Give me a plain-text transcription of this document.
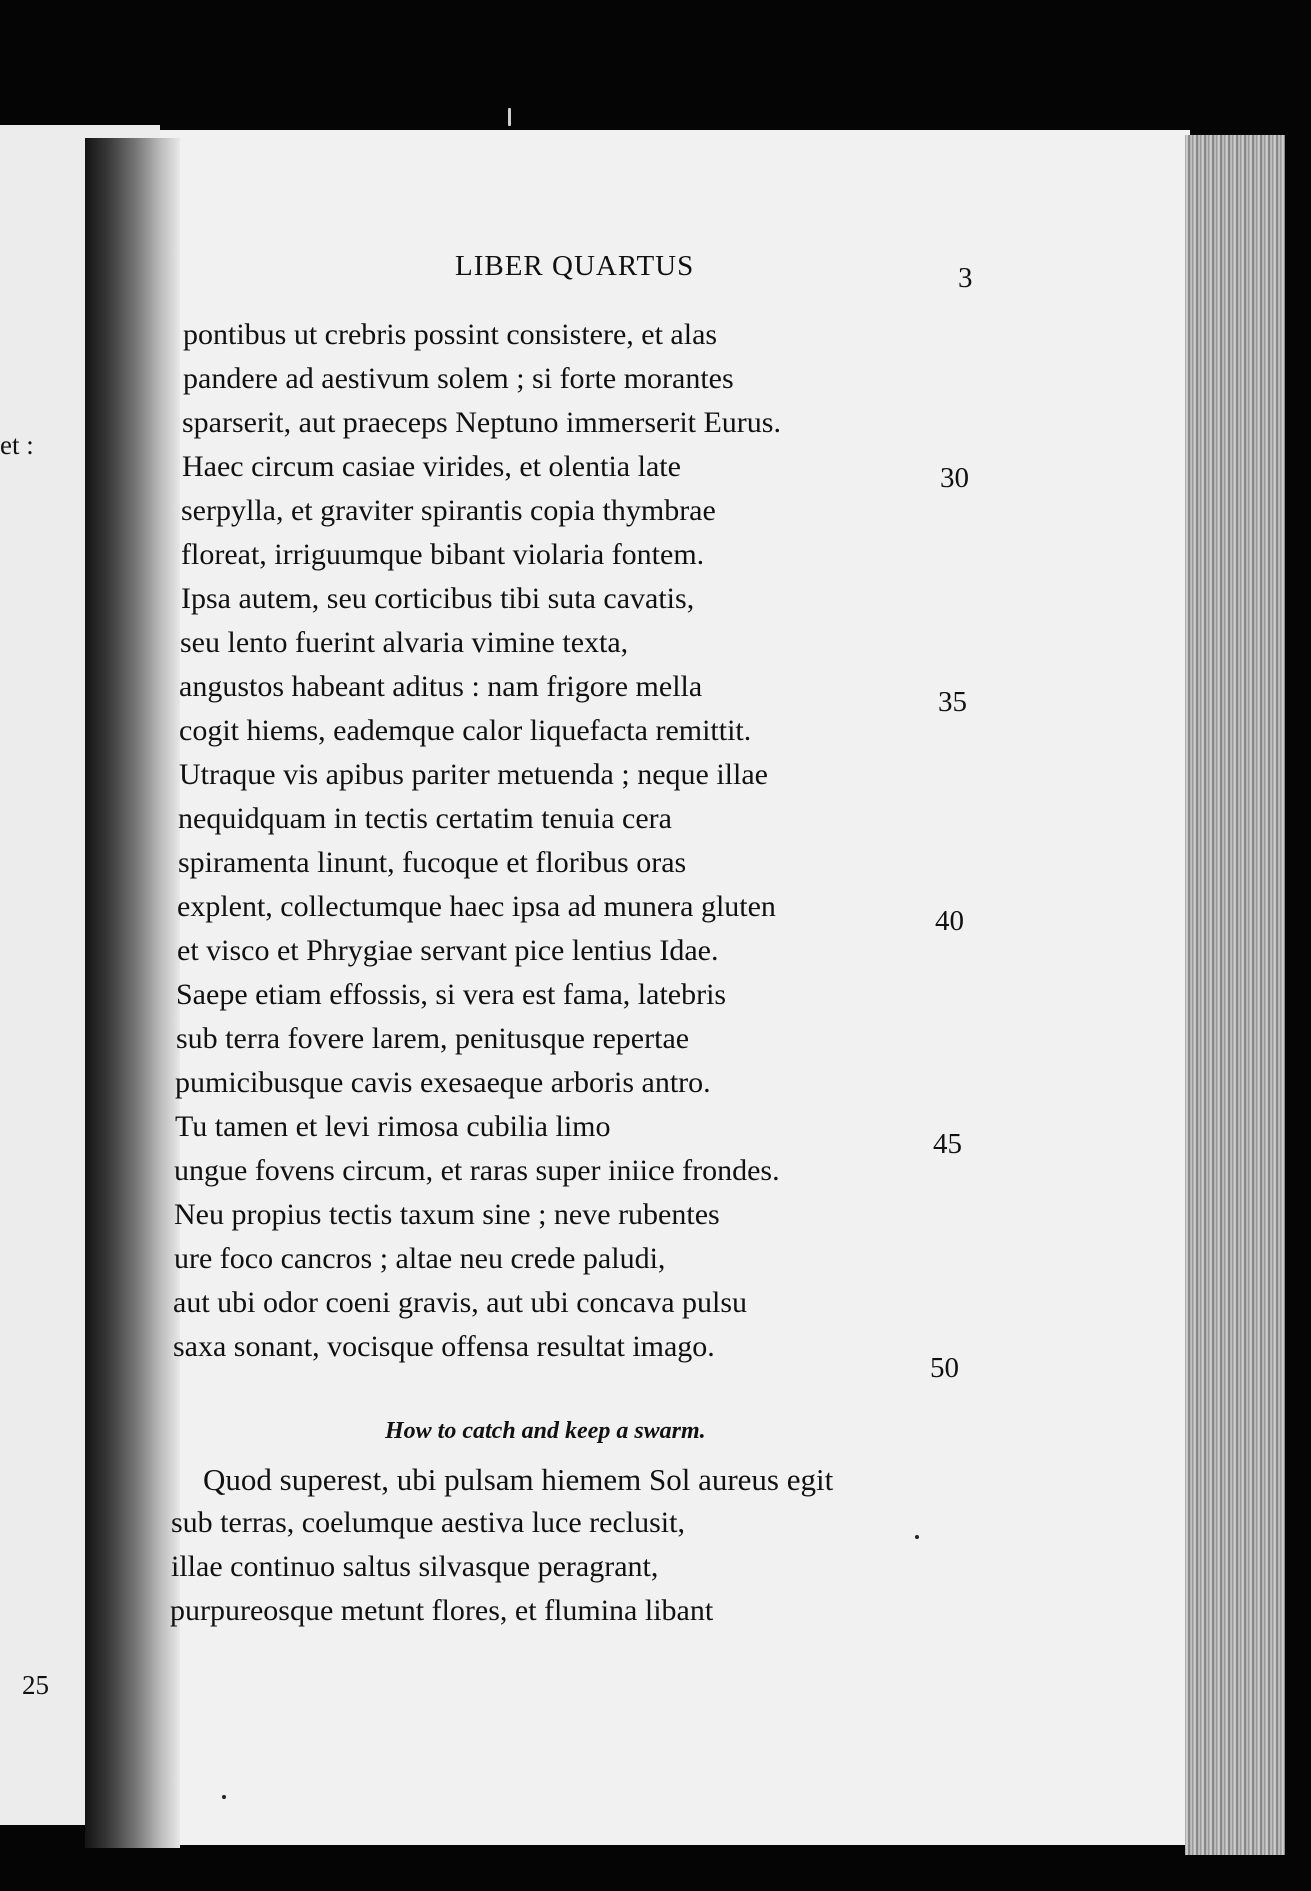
et :
25
LIBER QUARTUS	3
pontibus ut crebris possint consistere, et alas
pandere ad aestivum solem ; si forte morantes
sparserit, aut praeceps Neptuno immerserit Eurus.
Haec circum casiae virides, et olentia late
serpylla, et graviter spirantis copia thymbrae
floreat, irriguumque bibant violaria fontem.
Ipsa autem, seu corticibus tibi suta cavatis,
seu lento fuerint alvaria vimine texta,
angustos habeant aditus : nam frigore mella
cogit hiems, eademque calor liquefacta remittit.
Utraque vis apibus pariter metuenda ; neque illae
nequidquam in tectis certatim tenuia cera
spiramenta linunt, fucoque et floribus oras
explent, collectumque haec ipsa ad munera gluten
et visco et Phrygiae servant pice lentius Idae.
Saepe etiam effossis, si vera est fama, latebris
sub terra fovere larem, penitusque repertae
pumicibusque cavis exesaeque arboris antro.
Tu tamen et levi rimosa cubilia limo
ungue fovens circum, et raras super iniice frondes.
Neu propius tectis taxum sine ; neve rubentes
ure foco cancros ; altae neu crede paludi,
aut ubi odor coeni gravis, aut ubi concava pulsu
saxa sonant, vocisque offensa resultat imago.
30
35
40
45
50
How to catch and keep a swarm.
Quod superest, ubi pulsam hiemem Sol aureus egit
sub terras, coelumque aestiva luce reclusit,
illae continuo saltus silvasque peragrant,
purpureosque metunt flores, et flumina libant
